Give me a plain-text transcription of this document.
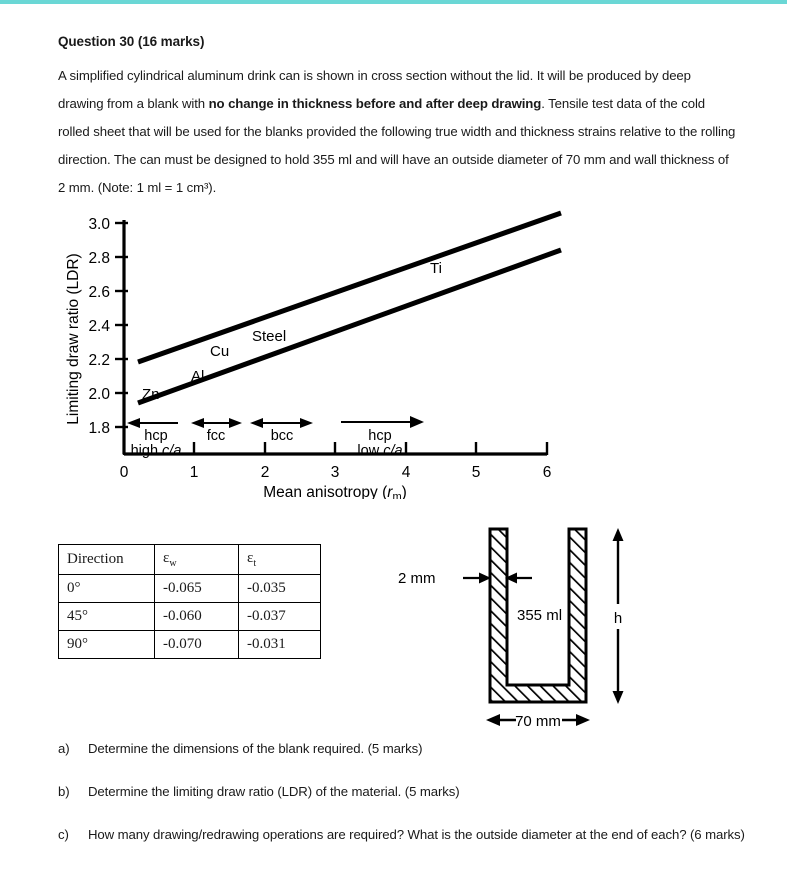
Question 30 (16 marks)
A simplified cylindrical aluminum drink can is shown in cross section without the lid. It will be produced by deep drawing from a blank with no change in thickness before and after deep drawing. Tensile test data of the cold rolled sheet that will be used for the blanks provided the following true width and thickness strains relative to the rolling direction. The can must be designed to hold 355 ml and will have an outside diameter of 70 mm and wall thickness of 2 mm. (Note: 1 ml = 1 cm³).
3.0
2.8
2.6
2.4
2.2
2.0
1.8
0	1	2	3	4	5	6
Mean anisotropy (rm)
Limiting draw ratio (LDR)	Zn
Al
Cu
Steel
Ti
hcp
high c/a
fcc	bcc	hcp
low c/a
Direction	$\varepsilon_w$	$\varepsilon_t$
0°	-0.065	-0.035
45°	-0.060	-0.037
90°	-0.070	-0.031
355 ml
2 mm
h
70 mm
a)	Determine the dimensions of the blank required. (5 marks)
b)	Determine the limiting draw ratio (LDR) of the material. (5 marks)
c)	How many drawing/redrawing operations are required? What is the outside diameter at the end of each? (6 marks)
